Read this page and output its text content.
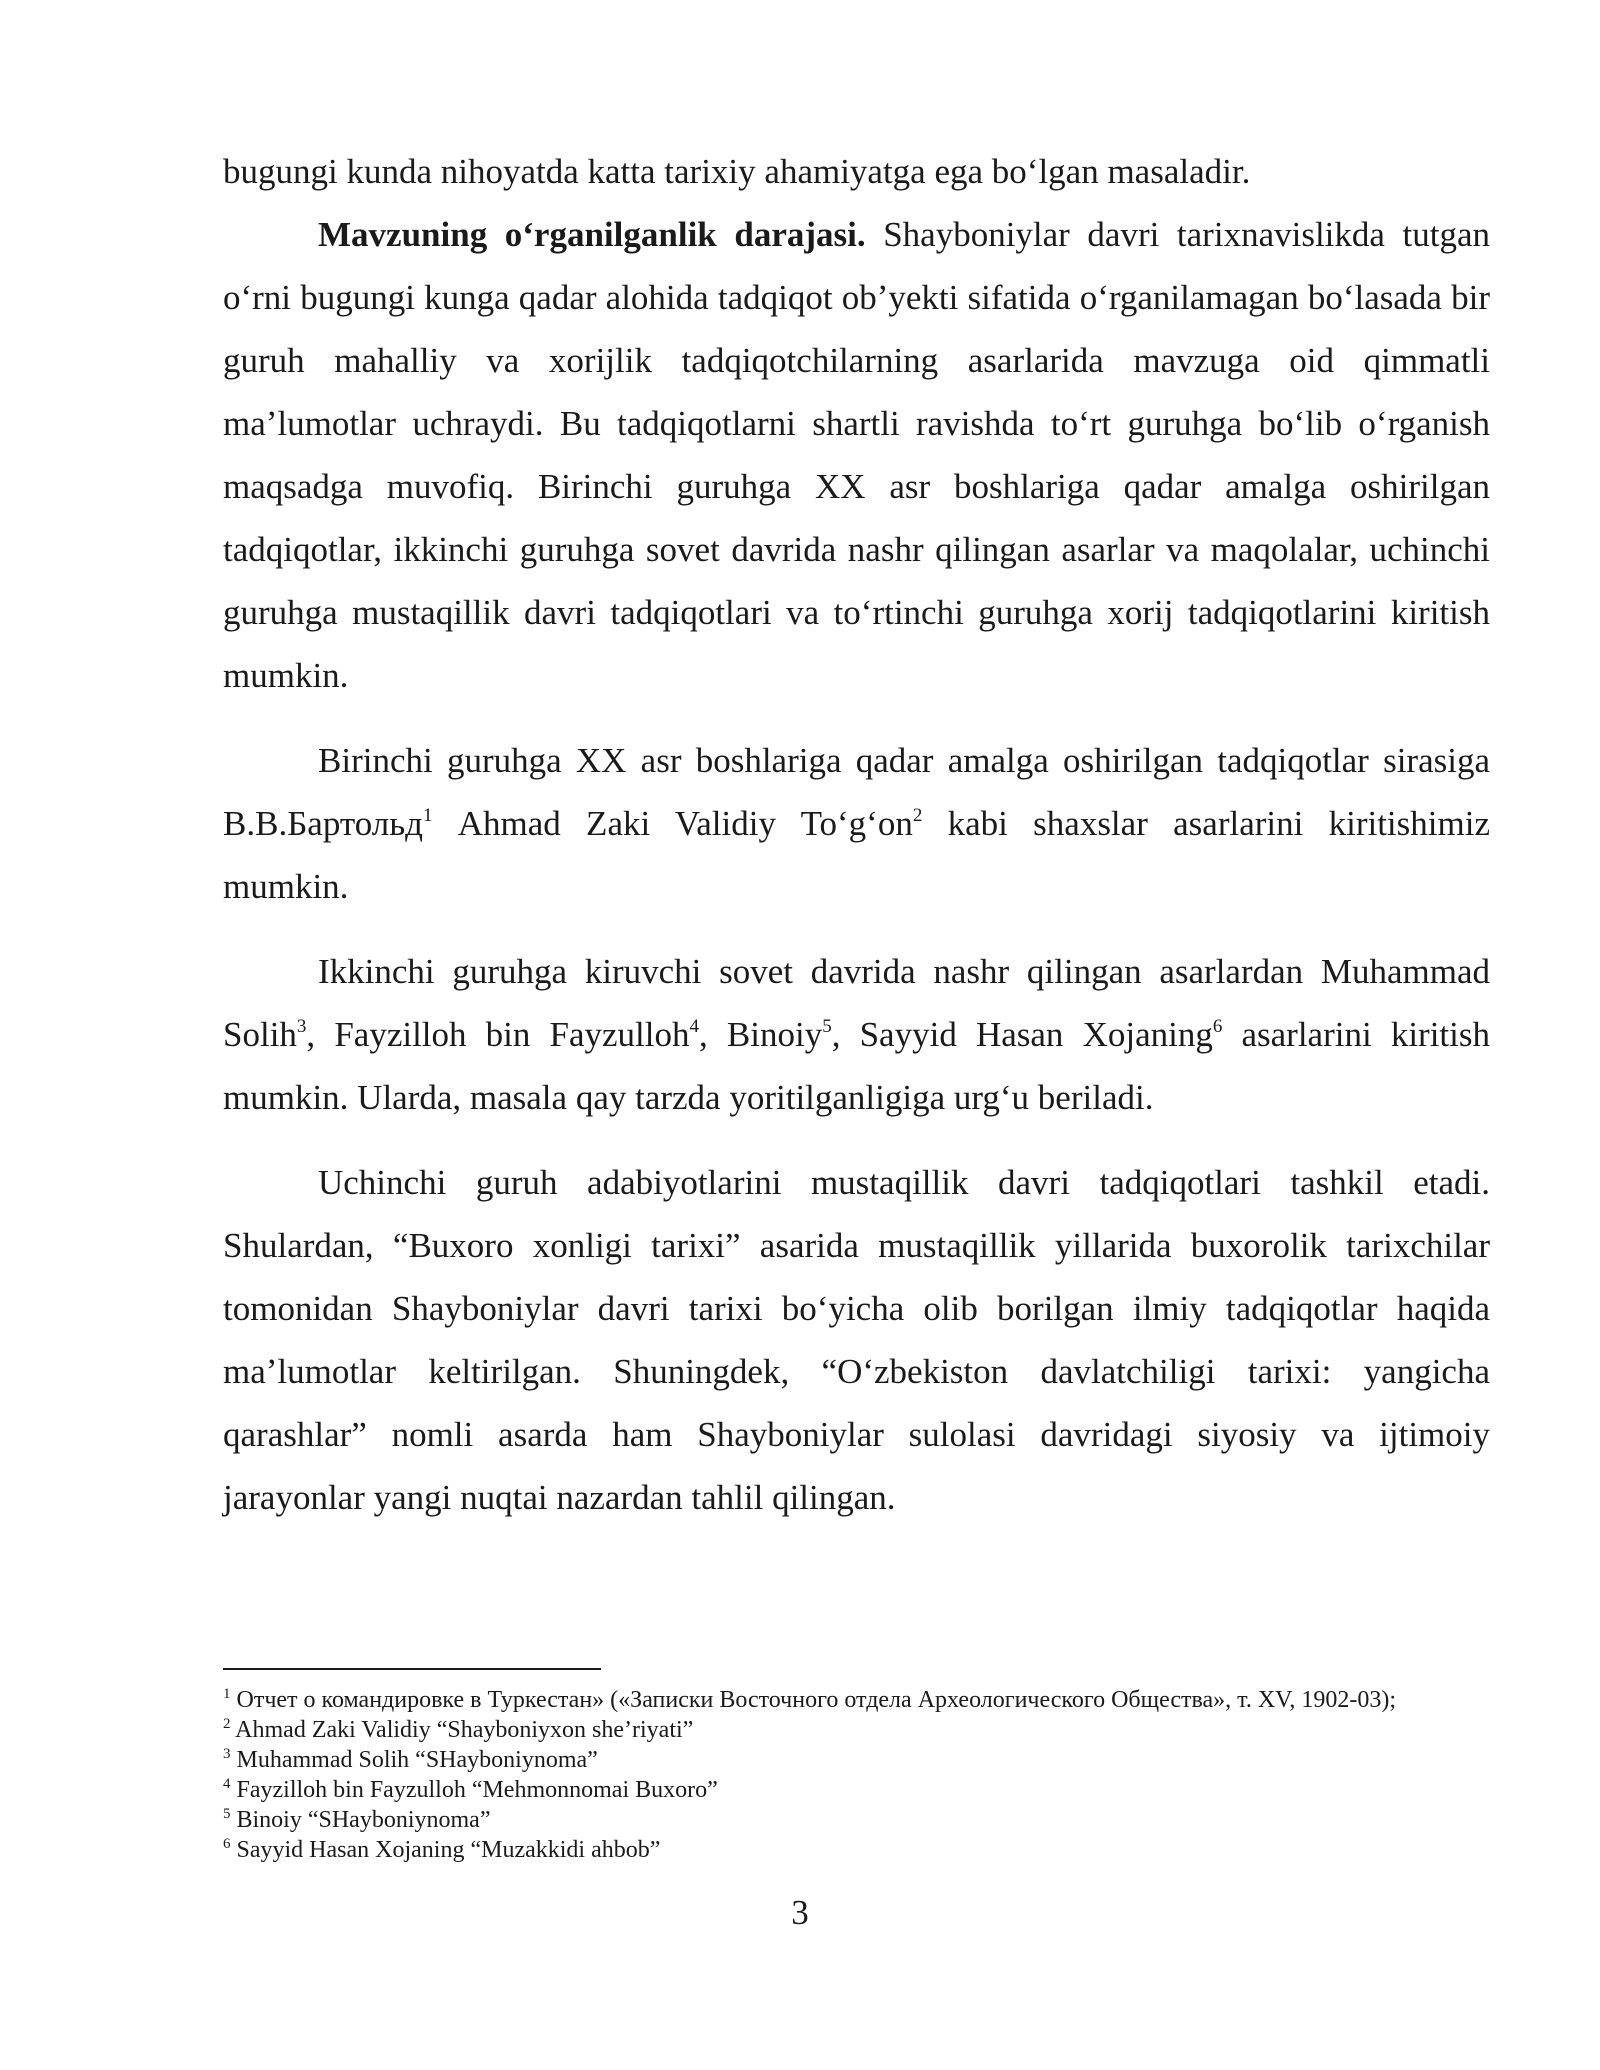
bugungi kunda nihoyatda katta tarixiy ahamiyatga ega boʻlgan masaladir.

Mavzuning oʻrganilganlik darajasi. Shayboniylar davri tarixnavislikda tutgan oʻrni bugungi kunga qadar alohida tadqiqot obʼyekti sifatida oʻrganilamagan boʻlasada bir guruh mahalliy va xorijlik tadqiqotchilarning asarlarida mavzuga oid qimmatli maʼlumotlar uchraydi. Bu tadqiqotlarni shartli ravishda toʻrt guruhga boʻlib oʻrganish maqsadga muvofiq. Birinchi guruhga XX asr boshlariga qadar amalga oshirilgan tadqiqotlar, ikkinchi guruhga sovet davrida nashr qilingan asarlar va maqolalar, uchinchi guruhga mustaqillik davri tadqiqotlari va toʻrtinchi guruhga xorij tadqiqotlarini kiritish mumkin.

Birinchi guruhga XX asr boshlariga qadar amalga oshirilgan tadqiqotlar sirasiga В.В.Бартольд$^1$ Ahmad Zaki Validiy Toʻgʻon$^2$ kabi shaxslar asarlarini kiritishimiz mumkin.

Ikkinchi guruhga kiruvchi sovet davrida nashr qilingan asarlardan Muhammad Solih$^3$, Fayzilloh bin Fayzulloh$^4$, Binoiy$^5$, Sayyid Hasan Xojaning$^6$ asarlarini kiritish mumkin. Ularda, masala qay tarzda yoritilganligiga urgʻu beriladi.

Uchinchi guruh adabiyotlarini mustaqillik davri tadqiqotlari tashkil etadi. Shulardan, “Buxoro xonligi tarixi” asarida mustaqillik yillarida buxorolik tarixchilar tomonidan Shayboniylar davri tarixi boʻyicha olib borilgan ilmiy tadqiqotlar haqida maʼlumotlar keltirilgan. Shuningdek, “Oʻzbekiston davlatchiligi tarixi: yangicha qarashlar” nomli asarda ham Shayboniylar sulolasi davridagi siyosiy va ijtimoiy jarayonlar yangi nuqtai nazardan tahlil qilingan.

$^1$ Отчет о командировке в Туркестан» («Записки Восточного отдела Археологического Общества», т. XV, 1902-03);

$^2$ Ahmad Zaki Validiy “Shayboniyxon sheʼriyati”

$^3$ Muhammad Solih “SHayboniynoma”

$^4$ Fayzilloh bin Fayzulloh “Mehmonnomai Buxoro”

$^5$ Binoiy “SHayboniynoma”

$^6$ Sayyid Hasan Xojaning “Muzakkidi ahbob”

3
